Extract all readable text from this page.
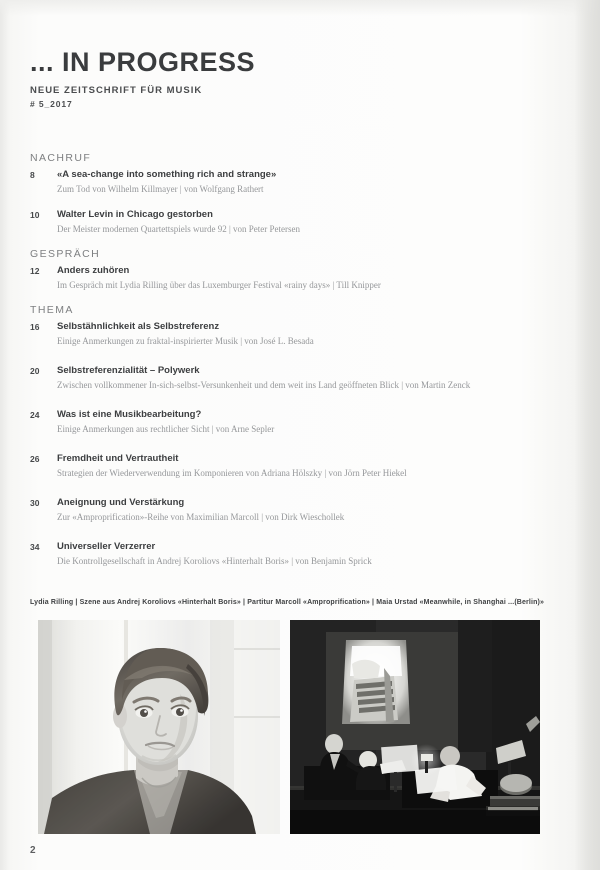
... IN PROGRESS
NEUE ZEITSCHRIFT FÜR MUSIK
# 5_2017
NACHRUF
8	«A sea-change into something rich and strange»
Zum Tod von Wilhelm Killmayer | von Wolfgang Rathert
10	Walter Levin in Chicago gestorben
Der Meister modernen Quartettspiels wurde 92 | von Peter Petersen
GESPRÄCH
12	Anders zuhören
Im Gespräch mit Lydia Rilling über das Luxemburger Festival «rainy days» | Till Knipper
THEMA
16	Selbstähnlichkeit als Selbstreferenz
Einige Anmerkungen zu fraktal-inspirierter Musik | von José L. Besada
20	Selbstreferenzialität – Polywerk
Zwischen vollkommener In-sich-selbst-Versunkenheit und dem weit ins Land geöffneten Blick | von Martin Zenck
24	Was ist eine Musikbearbeitung?
Einige Anmerkungen aus rechtlicher Sicht | von Arne Sepler
26	Fremdheit und Vertrautheit
Strategien der Wiederverwendung im Komponieren von Adriana Hölszky | von Jörn Peter Hiekel
30	Aneignung und Verstärkung
Zur «Amproprification»-Reihe von Maximilian Marcoll | von Dirk Wieschollek
34	Universeller Verzerrer
Die Kontrollgesellschaft in Andrej Koroliovs «Hinterhalt Boris» | von Benjamin Sprick
Lydia Rilling | Szene aus Andrej Koroliovs «Hinterhalt Boris» | Partitur Marcoll «Amproprification» | Maia Urstad «Meanwhile, in Shanghai ...(Berlin)»
2
